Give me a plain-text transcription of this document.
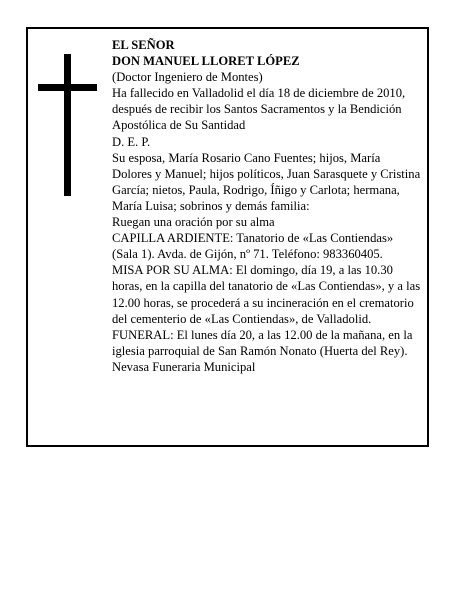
EL SEÑOR

DON MANUEL LLORET LÓPEZ

(Doctor Ingeniero de Montes)

Ha fallecido en Valladolid el día 18 de diciembre de 2010, después de recibir los Santos Sacramentos y la Bendición Apostólica de Su Santidad

D. E. P.

Su esposa, María Rosario Cano Fuentes; hijos, María Dolores y Manuel; hijos políticos, Juan Sarasquete y Cristina García; nietos, Paula, Rodrigo, Íñigo y Carlota; hermana, María Luisa; sobrinos y demás familia:

Ruegan una oración por su alma

CAPILLA ARDIENTE: Tanatorio de «Las Contiendas» (Sala 1). Avda. de Gijón, nº 71. Teléfono: 983360405.

MISA POR SU ALMA: El domingo, día 19, a las 10.30 horas, en la capilla del tanatorio de «Las Contiendas», y a las 12.00 horas, se procederá a su incineración en el crematorio del cementerio de «Las Contiendas», de Valladolid.

FUNERAL: El lunes día 20, a las 12.00 de la mañana, en la iglesia parroquial de San Ramón Nonato (Huerta del Rey).

Nevasa Funeraria Municipal
